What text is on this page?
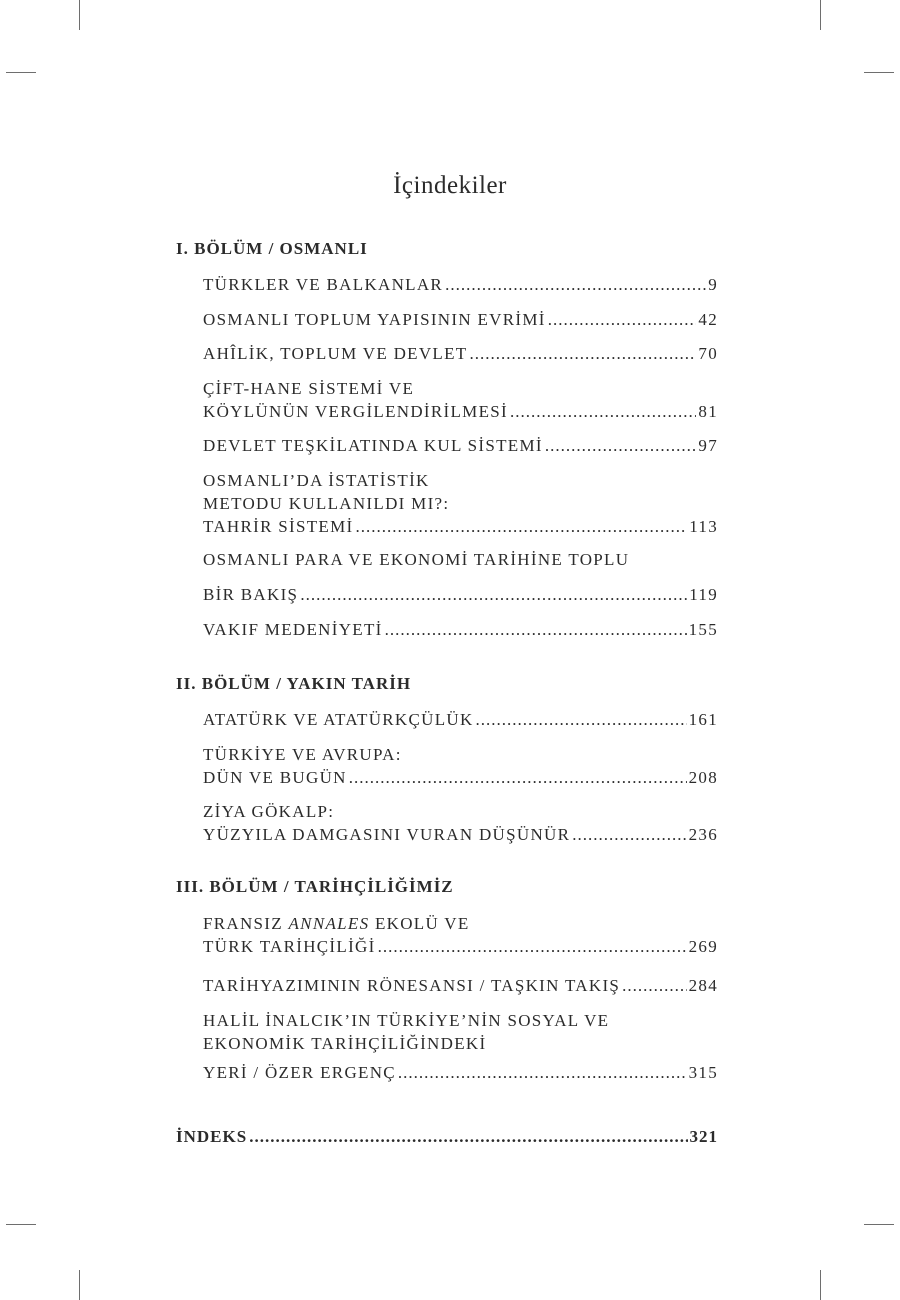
İçindekiler
I. BÖLÜM / OSMANLI
TÜRKLER VE BALKANLAR .....	9
OSMANLI TOPLUM YAPISININ EVRİMİ .....	42
AHÎLİK, TOPLUM VE DEVLET .....	70
ÇİFT-HANE SİSTEMİ VE
KÖYLÜNÜN VERGİLENDİRİLMESİ .....	81
DEVLET TEŞKİLATINDA KUL SİSTEMİ .....	97
OSMANLI’DA İSTATİSTİK
METODU KULLANILDI MI?:
TAHRİR SİSTEMİ .....	113
OSMANLI PARA VE EKONOMİ TARİHİNE TOPLU
BİR BAKIŞ .....	119
VAKIF MEDENİYETİ .....	155
II. BÖLÜM / YAKIN TARİH
ATATÜRK VE ATATÜRKÇÜLÜK .....	161
TÜRKİYE VE AVRUPA:
DÜN VE BUGÜN .....	208
ZİYA GÖKALP:
YÜZYILA DAMGASINI VURAN DÜŞÜNÜR .....	236
III. BÖLÜM / TARİHÇİLİĞİMİZ
FRANSIZ ANNALES EKOLÜ VE
TÜRK TARİHÇİLİĞİ .....	269
TARİHYAZIMININ RÖNESANSI / TAŞKIN TAKIŞ .....	284
HALİL İNALCIK’IN TÜRKİYE’NİN SOSYAL VE
EKONOMİK TARİHÇİLİĞİNDEKİ
YERİ / ÖZER ERGENÇ .....	315
İNDEKS .....	321
